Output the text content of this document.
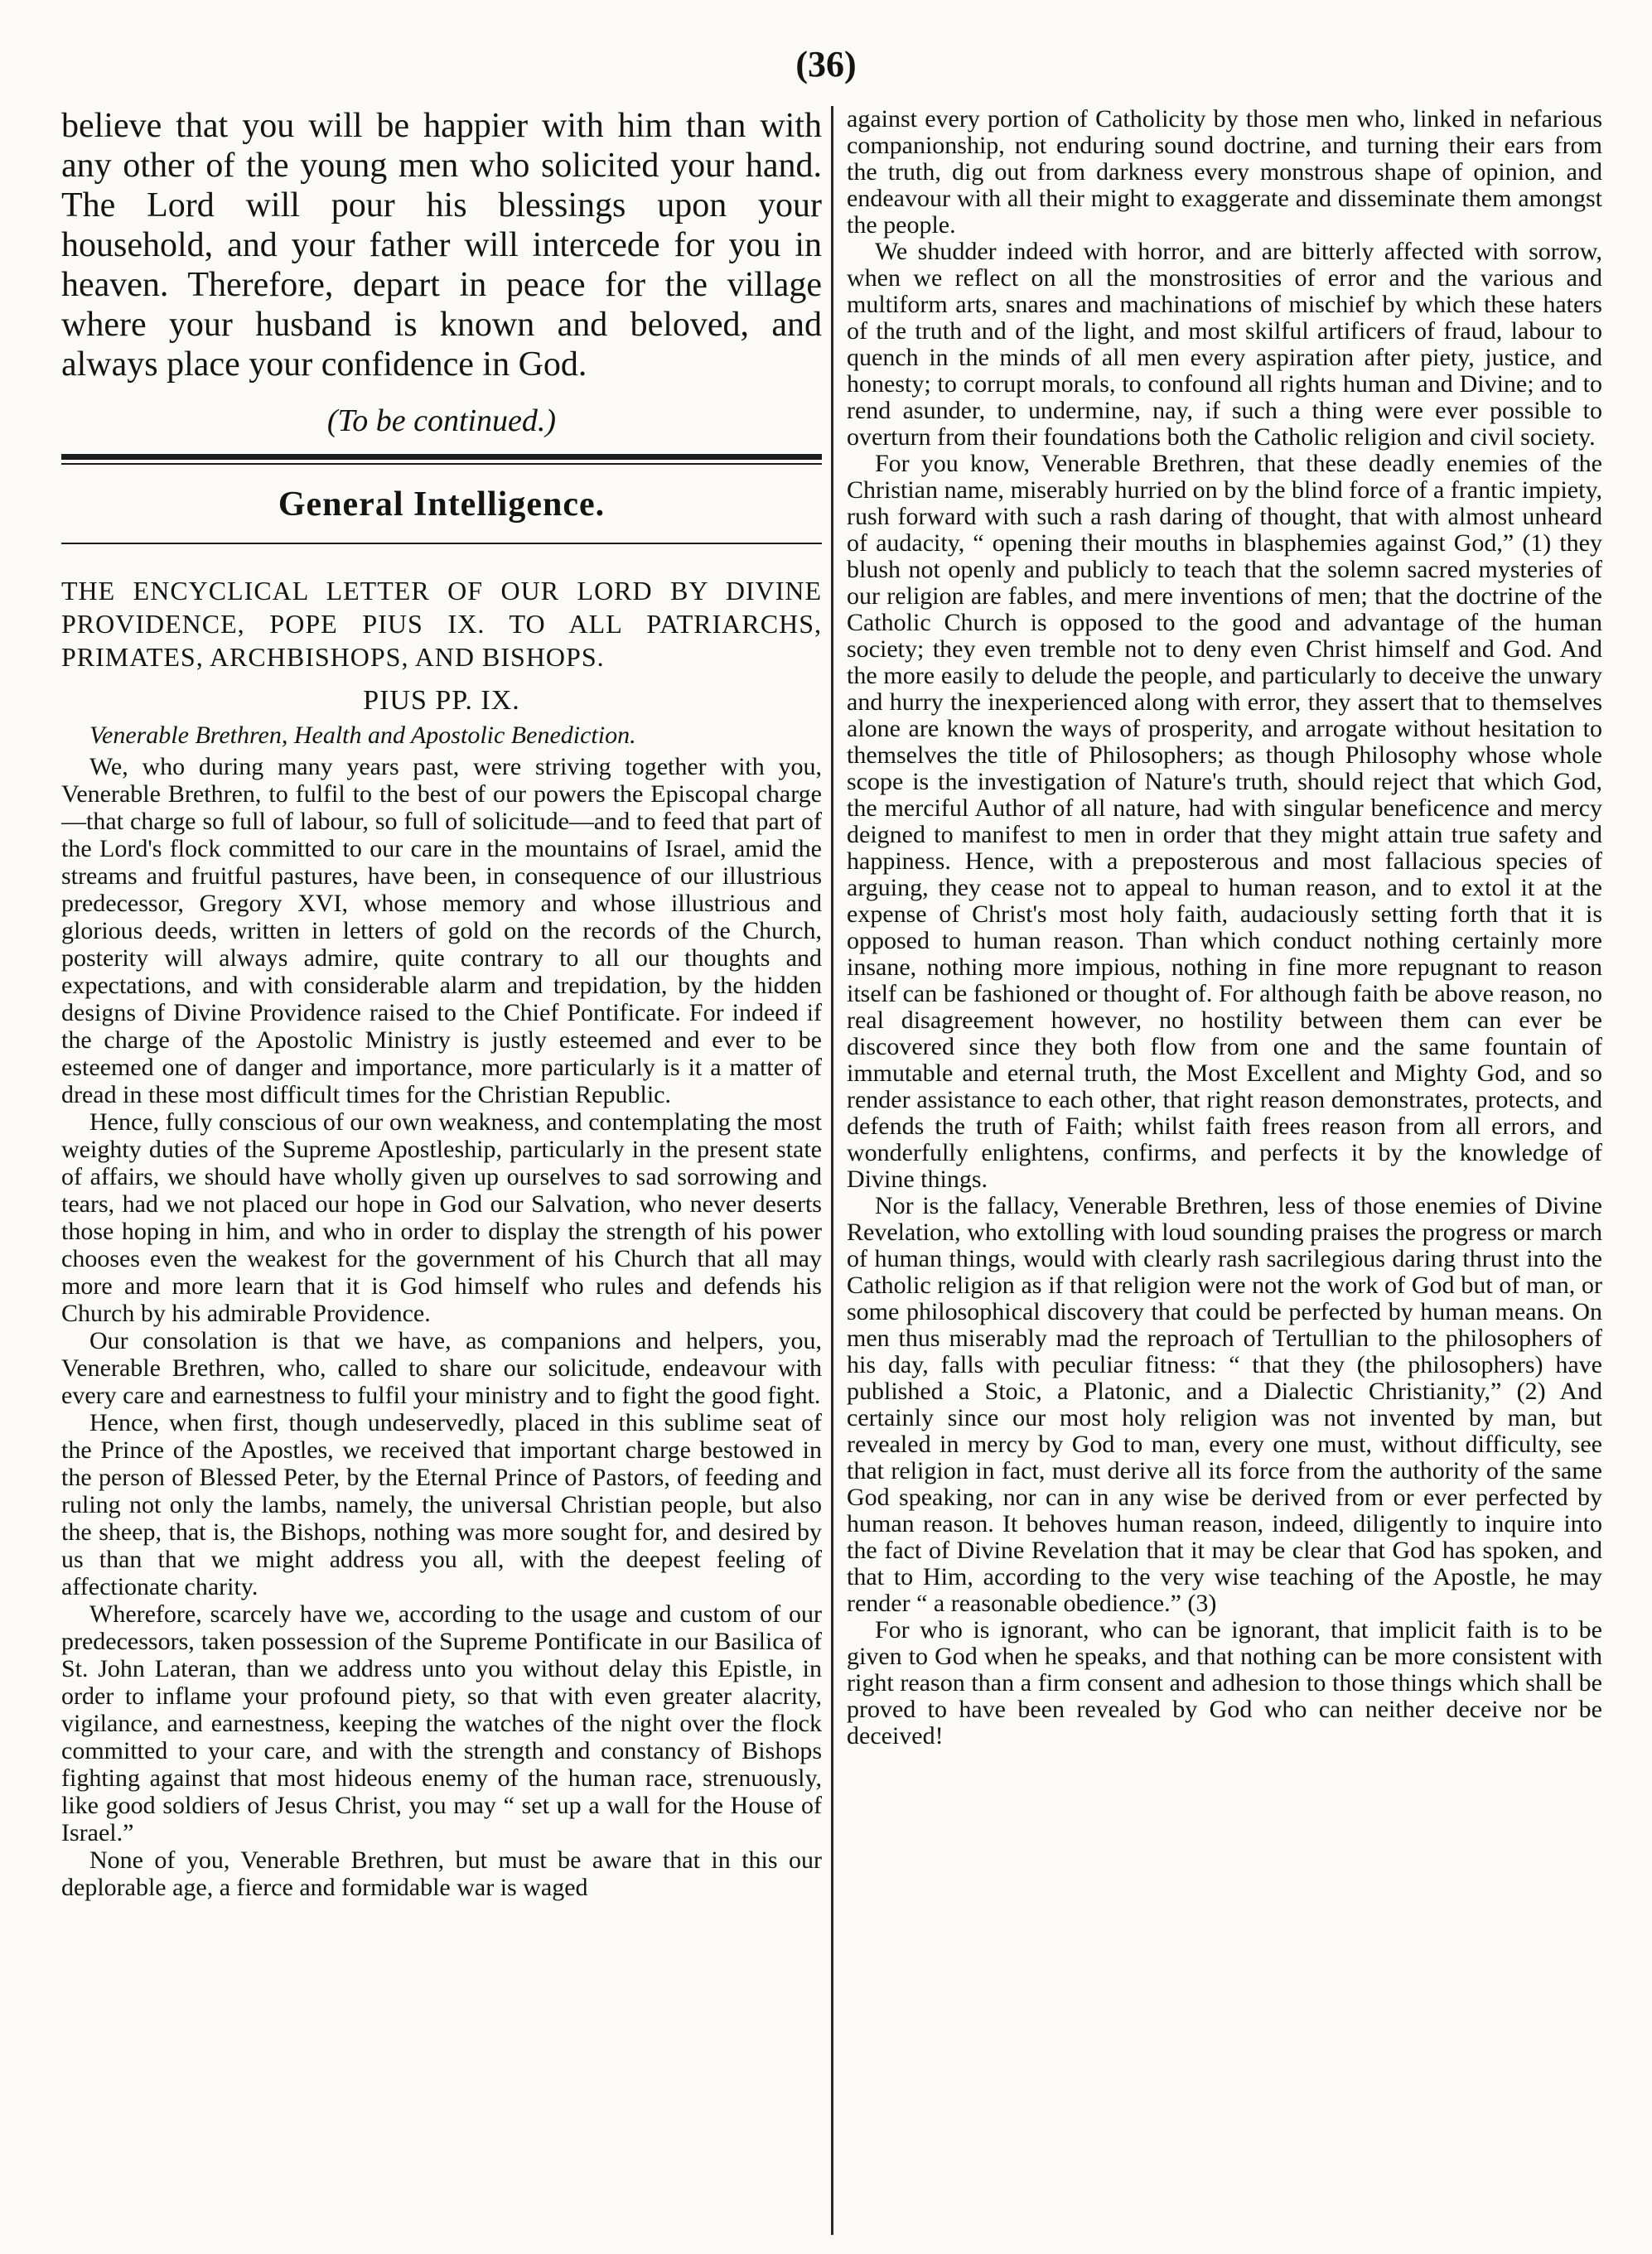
(36)

believe that you will be happier with him than with any other of the young men who solicited your hand. The Lord will pour his blessings upon your household, and your father will intercede for you in heaven. Therefore, depart in peace for the village where your husband is known and beloved, and always place your confidence in God.

(To be continued.)
General Intelligence.
THE ENCYCLICAL LETTER OF OUR LORD BY DIVINE PROVIDENCE, POPE PIUS IX. TO ALL PATRIARCHS, PRIMATES, ARCHBISHOPS, AND BISHOPS.
PIUS PP. IX.

Venerable Brethren, Health and Apostolic Benediction.

We, who during many years past, were striving together with you, Venerable Brethren, to fulfil to the best of our powers the Episcopal charge—that charge so full of labour, so full of solicitude—and to feed that part of the Lord's flock committed to our care in the mountains of Israel, amid the streams and fruitful pastures, have been, in consequence of our illustrious predecessor, Gregory XVI, whose memory and whose illustrious and glorious deeds, written in letters of gold on the records of the Church, posterity will always admire, quite contrary to all our thoughts and expectations, and with considerable alarm and trepidation, by the hidden designs of Divine Providence raised to the Chief Pontificate. For indeed if the charge of the Apostolic Ministry is justly esteemed and ever to be esteemed one of danger and importance, more particularly is it a matter of dread in these most difficult times for the Christian Republic.

Hence, fully conscious of our own weakness, and contemplating the most weighty duties of the Supreme Apostleship, particularly in the present state of affairs, we should have wholly given up ourselves to sad sorrowing and tears, had we not placed our hope in God our Salvation, who never deserts those hoping in him, and who in order to display the strength of his power chooses even the weakest for the government of his Church that all may more and more learn that it is God himself who rules and defends his Church by his admirable Providence.

Our consolation is that we have, as companions and helpers, you, Venerable Brethren, who, called to share our solicitude, endeavour with every care and earnestness to fulfil your ministry and to fight the good fight.

Hence, when first, though undeservedly, placed in this sublime seat of the Prince of the Apostles, we received that important charge bestowed in the person of Blessed Peter, by the Eternal Prince of Pastors, of feeding and ruling not only the lambs, namely, the universal Christian people, but also the sheep, that is, the Bishops, nothing was more sought for, and desired by us than that we might address you all, with the deepest feeling of affectionate charity.

Wherefore, scarcely have we, according to the usage and custom of our predecessors, taken possession of the Supreme Pontificate in our Basilica of St. John Lateran, than we address unto you without delay this Epistle, in order to inflame your profound piety, so that with even greater alacrity, vigilance, and earnestness, keeping the watches of the night over the flock committed to your care, and with the strength and constancy of Bishops fighting against that most hideous enemy of the human race, strenuously, like good soldiers of Jesus Christ, you may “ set up a wall for the House of Israel.”

None of you, Venerable Brethren, but must be aware that in this our deplorable age, a fierce and formidable war is waged

against every portion of Catholicity by those men who, linked in nefarious companionship, not enduring sound doctrine, and turning their ears from the truth, dig out from darkness every monstrous shape of opinion, and endeavour with all their might to exaggerate and disseminate them amongst the people.

We shudder indeed with horror, and are bitterly affected with sorrow, when we reflect on all the monstrosities of error and the various and multiform arts, snares and machinations of mischief by which these haters of the truth and of the light, and most skilful artificers of fraud, labour to quench in the minds of all men every aspiration after piety, justice, and honesty; to corrupt morals, to confound all rights human and Divine; and to rend asunder, to undermine, nay, if such a thing were ever possible to overturn from their foundations both the Catholic religion and civil society.

For you know, Venerable Brethren, that these deadly enemies of the Christian name, miserably hurried on by the blind force of a frantic impiety, rush forward with such a rash daring of thought, that with almost unheard of audacity, “ opening their mouths in blasphemies against God,” (1) they blush not openly and publicly to teach that the solemn sacred mysteries of our religion are fables, and mere inventions of men; that the doctrine of the Catholic Church is opposed to the good and advantage of the human society; they even tremble not to deny even Christ himself and God. And the more easily to delude the people, and particularly to deceive the unwary and hurry the inexperienced along with error, they assert that to themselves alone are known the ways of prosperity, and arrogate without hesitation to themselves the title of Philosophers; as though Philosophy whose whole scope is the investigation of Nature's truth, should reject that which God, the merciful Author of all nature, had with singular beneficence and mercy deigned to manifest to men in order that they might attain true safety and happiness. Hence, with a preposterous and most fallacious species of arguing, they cease not to appeal to human reason, and to extol it at the expense of Christ's most holy faith, audaciously setting forth that it is opposed to human reason. Than which conduct nothing certainly more insane, nothing more impious, nothing in fine more repugnant to reason itself can be fashioned or thought of. For although faith be above reason, no real disagreement however, no hostility between them can ever be discovered since they both flow from one and the same fountain of immutable and eternal truth, the Most Excellent and Mighty God, and so render assistance to each other, that right reason demonstrates, protects, and defends the truth of Faith; whilst faith frees reason from all errors, and wonderfully enlightens, confirms, and perfects it by the knowledge of Divine things.

Nor is the fallacy, Venerable Brethren, less of those enemies of Divine Revelation, who extolling with loud sounding praises the progress or march of human things, would with clearly rash sacrilegious daring thrust into the Catholic religion as if that religion were not the work of God but of man, or some philosophical discovery that could be perfected by human means. On men thus miserably mad the reproach of Tertullian to the philosophers of his day, falls with peculiar fitness: “ that they (the philosophers) have published a Stoic, a Platonic, and a Dialectic Christianity,” (2) And certainly since our most holy religion was not invented by man, but revealed in mercy by God to man, every one must, without difficulty, see that religion in fact, must derive all its force from the authority of the same God speaking, nor can in any wise be derived from or ever perfected by human reason. It behoves human reason, indeed, diligently to inquire into the fact of Divine Revelation that it may be clear that God has spoken, and that to Him, according to the very wise teaching of the Apostle, he may render “ a reasonable obedience.” (3)

For who is ignorant, who can be ignorant, that implicit faith is to be given to God when he speaks, and that nothing can be more consistent with right reason than a firm consent and adhesion to those things which shall be proved to have been revealed by God who can neither deceive nor be deceived!
